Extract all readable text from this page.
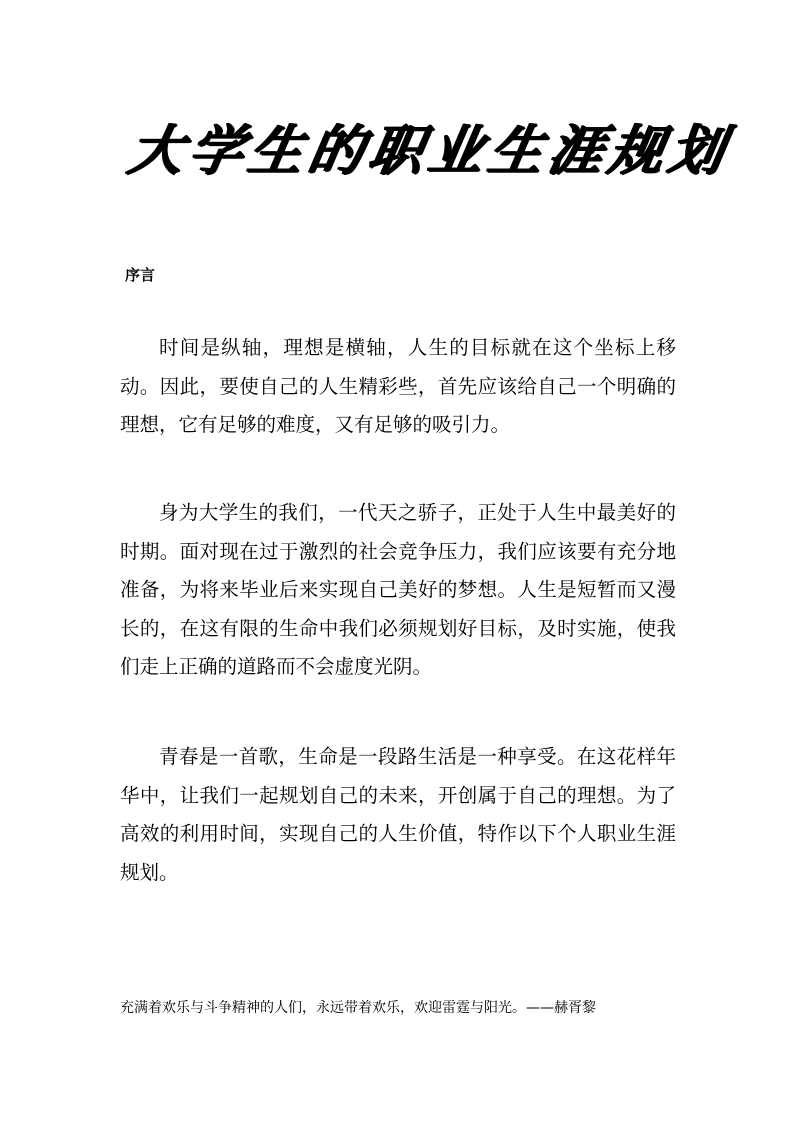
大学生的职业生涯规划
序言

时间是纵轴，理想是横轴，人生的目标就在这个坐标上移动。因此，要使自己的人生精彩些，首先应该给自己一个明确的理想，它有足够的难度，又有足够的吸引力。

身为大学生的我们，一代天之骄子，正处于人生中最美好的时期。面对现在过于激烈的社会竞争压力，我们应该要有充分地准备，为将来毕业后来实现自己美好的梦想。人生是短暂而又漫长的，在这有限的生命中我们必须规划好目标，及时实施，使我们走上正确的道路而不会虚度光阴。

青春是一首歌，生命是一段路生活是一种享受。在这花样年华中，让我们一起规划自己的未来，开创属于自己的理想。为了高效的利用时间，实现自己的人生价值，特作以下个人职业生涯规划。

充满着欢乐与斗争精神的人们，永远带着欢乐，欢迎雷霆与阳光。——赫胥黎
